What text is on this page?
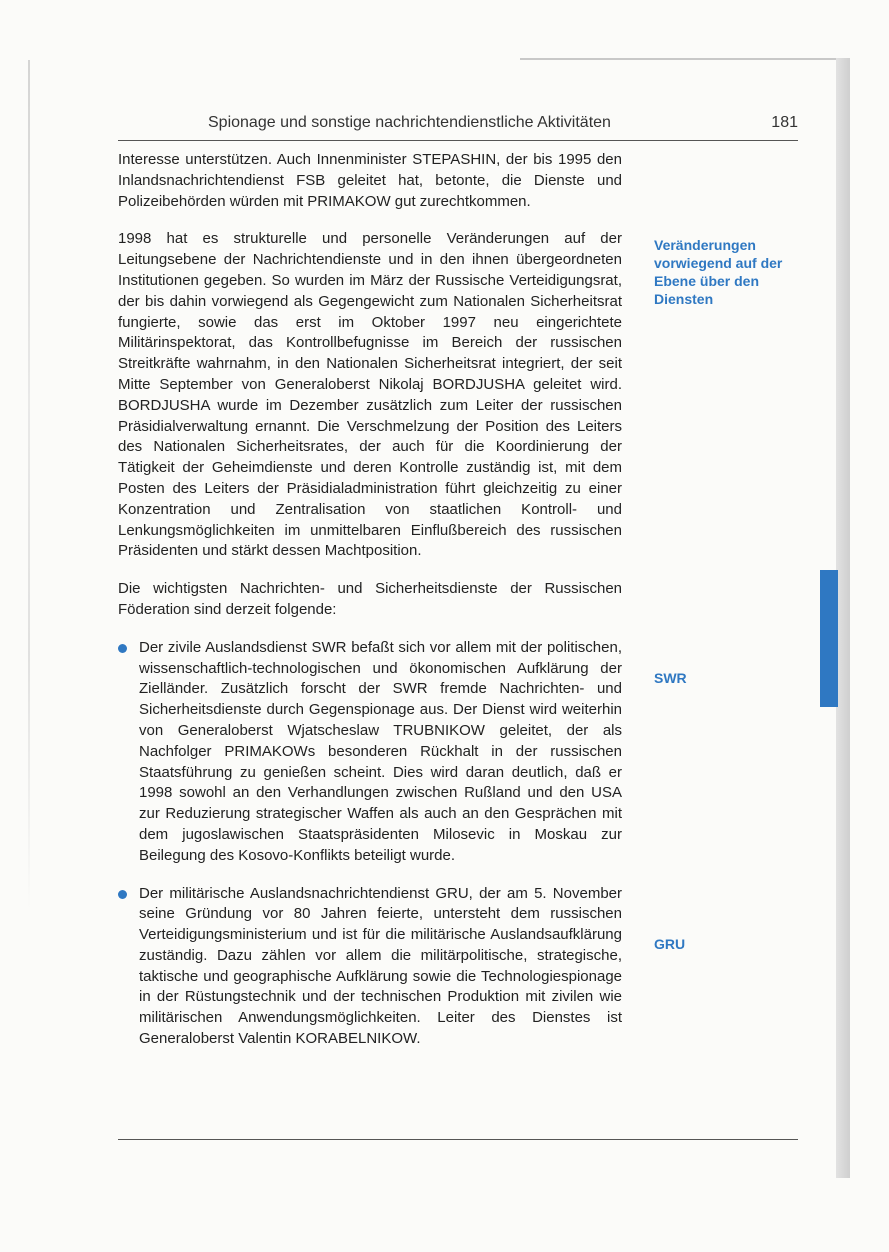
Spionage und sonstige nachrichtendienstliche Aktivitäten	181

Interesse unterstützen. Auch Innenminister STEPASHIN, der bis 1995 den Inlandsnachrichtendienst FSB geleitet hat, betonte, die Dienste und Polizeibehörden würden mit PRIMAKOW gut zurechtkommen.

1998 hat es strukturelle und personelle Veränderungen auf der Leitungsebene der Nachrichtendienste und in den ihnen übergeordneten Institutionen gegeben. So wurden im März der Russische Verteidigungsrat, der bis dahin vorwiegend als Gegengewicht zum Nationalen Sicherheitsrat fungierte, sowie das erst im Oktober 1997 neu eingerichtete Militärinspektorat, das Kontrollbefugnisse im Bereich der russischen Streitkräfte wahrnahm, in den Nationalen Sicherheitsrat integriert, der seit Mitte September von Generaloberst Nikolaj BORDJUSHA geleitet wird. BORDJUSHA wurde im Dezember zusätzlich zum Leiter der russischen Präsidialverwaltung ernannt. Die Verschmelzung der Position des Leiters des Nationalen Sicherheitsrates, der auch für die Koordinierung der Tätigkeit der Geheimdienste und deren Kontrolle zuständig ist, mit dem Posten des Leiters der Präsidialadministration führt gleichzeitig zu einer Konzentration und Zentralisation von staatlichen Kontroll- und Lenkungsmöglichkeiten im unmittelbaren Einflußbereich des russischen Präsidenten und stärkt dessen Machtposition.

Die wichtigsten Nachrichten- und Sicherheitsdienste der Russischen Föderation sind derzeit folgende:

Der zivile Auslandsdienst SWR befaßt sich vor allem mit der politischen, wissenschaftlich-technologischen und ökonomischen Aufklärung der Zielländer. Zusätzlich forscht der SWR fremde Nachrichten- und Sicherheitsdienste durch Gegenspionage aus. Der Dienst wird weiterhin von Generaloberst Wjatscheslaw TRUBNIKOW geleitet, der als Nachfolger PRIMAKOWs besonderen Rückhalt in der russischen Staatsführung zu genießen scheint. Dies wird daran deutlich, daß er 1998 sowohl an den Verhandlungen zwischen Rußland und den USA zur Reduzierung strategischer Waffen als auch an den Gesprächen mit dem jugoslawischen Staatspräsidenten Milosevic in Moskau zur Beilegung des Kosovo-Konflikts beteiligt wurde.
Der militärische Auslandsnachrichtendienst GRU, der am 5. November seine Gründung vor 80 Jahren feierte, untersteht dem russischen Verteidigungsministerium und ist für die militärische Auslandsaufklärung zuständig. Dazu zählen vor allem die militärpolitische, strategische, taktische und geographische Aufklärung sowie die Technologiespionage in der Rüstungstechnik und der technischen Produktion mit zivilen wie militärischen Anwendungsmöglichkeiten. Leiter des Dienstes ist Generaloberst Valentin KORABELNIKOW.
Veränderungen vorwiegend auf der Ebene über den Diensten
SWR
GRU
